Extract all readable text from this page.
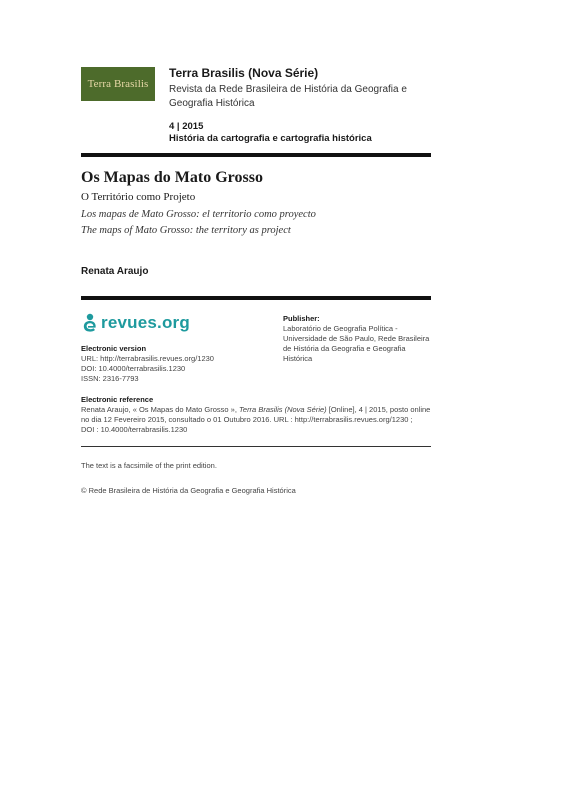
Terra Brasilis
Terra Brasilis (Nova Série)
Revista da Rede Brasileira de História da Geografia e
Geografia Histórica
4 | 2015
História da cartografia e cartografia histórica
Os Mapas do Mato Grosso

O Território como Projeto

Los mapas de Mato Grosso: el territorio como proyecto

The maps of Mato Grosso: the territory as project

Renata Araujo
revues.org
Electronic version
URL: http://terrabrasilis.revues.org/1230
DOI: 10.4000/terrabrasilis.1230
ISSN: 2316-7793
Publisher:
Laboratório de Geografia Política -
Universidade de São Paulo, Rede Brasileira
de História da Geografia e Geografia
Histórica
Electronic reference
Renata Araujo, « Os Mapas do Mato Grosso », Terra Brasilis (Nova Série) [Online], 4 | 2015, posto online
no dia 12 Fevereiro 2015, consultado o 01 Outubro 2016. URL : http://terrabrasilis.revues.org/1230 ;
DOI : 10.4000/terrabrasilis.1230
The text is a facsimile of the print edition.
© Rede Brasileira de História da Geografia e Geografia Histórica
